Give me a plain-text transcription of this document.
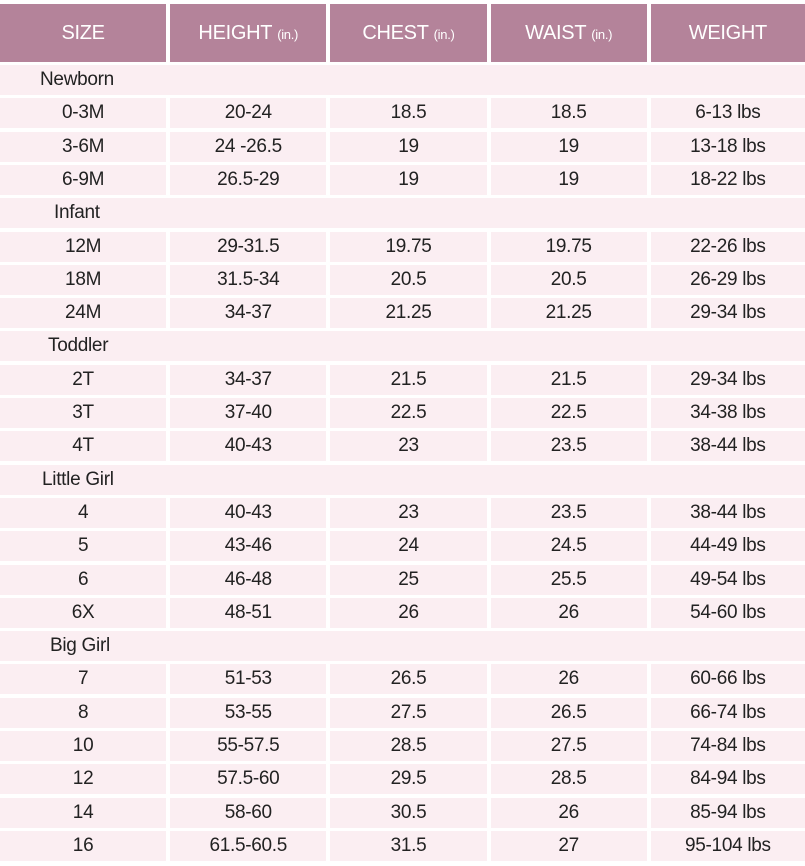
SIZE	HEIGHT (in.)	CHEST (in.)	WAIST (in.)	WEIGHT
Newborn
0-3M	20-24	18.5	18.5	6-13 lbs
3-6M	24 -26.5	19	19	13-18 lbs
6-9M	26.5-29	19	19	18-22 lbs
Infant
12M	29-31.5	19.75	19.75	22-26 lbs
18M	31.5-34	20.5	20.5	26-29 lbs
24M	34-37	21.25	21.25	29-34 lbs
Toddler
2T	34-37	21.5	21.5	29-34 lbs
3T	37-40	22.5	22.5	34-38 lbs
4T	40-43	23	23.5	38-44 lbs
Little Girl
4	40-43	23	23.5	38-44 lbs
5	43-46	24	24.5	44-49 lbs
6	46-48	25	25.5	49-54 lbs
6X	48-51	26	26	54-60 lbs
Big Girl
7	51-53	26.5	26	60-66 lbs
8	53-55	27.5	26.5	66-74 lbs
10	55-57.5	28.5	27.5	74-84 lbs
12	57.5-60	29.5	28.5	84-94 lbs
14	58-60	30.5	26	85-94 lbs
16	61.5-60.5	31.5	27	95-104 lbs
